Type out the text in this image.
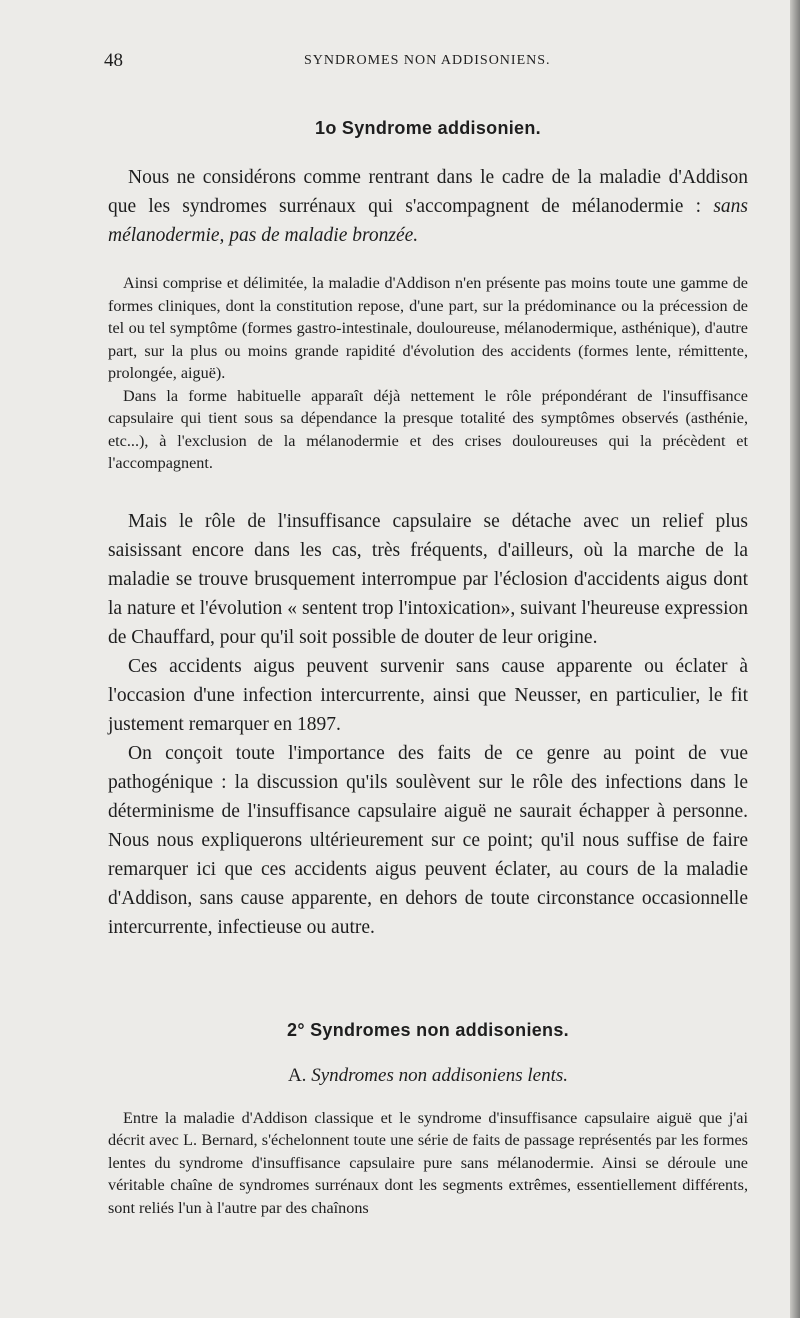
48	SYNDROMES NON ADDISONIENS.
1o Syndrome addisonien.

Nous ne considérons comme rentrant dans le cadre de la maladie d'Addison que les syndromes surrénaux qui s'accompagnent de mélanodermie : sans mélanodermie, pas de maladie bronzée.

Ainsi comprise et délimitée, la maladie d'Addison n'en présente pas moins toute une gamme de formes cliniques, dont la constitution repose, d'une part, sur la prédominance ou la précession de tel ou tel symptôme (formes gastro-intestinale, douloureuse, mélanodermique, asthénique), d'autre part, sur la plus ou moins grande rapidité d'évolution des accidents (formes lente, rémittente, prolongée, aiguë).

Dans la forme habituelle apparaît déjà nettement le rôle prépondérant de l'insuffisance capsulaire qui tient sous sa dépendance la presque totalité des symptômes observés (asthénie, etc...), à l'exclusion de la mélanodermie et des crises douloureuses qui la précèdent et l'accompagnent.

Mais le rôle de l'insuffisance capsulaire se détache avec un relief plus saisissant encore dans les cas, très fréquents, d'ailleurs, où la marche de la maladie se trouve brusquement interrompue par l'éclosion d'accidents aigus dont la nature et l'évolution « sentent trop l'intoxication», suivant l'heureuse expression de Chauffard, pour qu'il soit possible de douter de leur origine.

Ces accidents aigus peuvent survenir sans cause apparente ou éclater à l'occasion d'une infection intercurrente, ainsi que Neusser, en particulier, le fit justement remarquer en 1897.

On conçoit toute l'importance des faits de ce genre au point de vue pathogénique : la discussion qu'ils soulèvent sur le rôle des infections dans le déterminisme de l'insuffisance capsulaire aiguë ne saurait échapper à personne. Nous nous expliquerons ultérieurement sur ce point; qu'il nous suffise de faire remarquer ici que ces accidents aigus peuvent éclater, au cours de la maladie d'Addison, sans cause apparente, en dehors de toute circonstance occasionnelle intercurrente, infectieuse ou autre.

2° Syndromes non addisoniens.
A. Syndromes non addisoniens lents.

Entre la maladie d'Addison classique et le syndrome d'insuffisance capsulaire aiguë que j'ai décrit avec L. Bernard, s'échelonnent toute une série de faits de passage représentés par les formes lentes du syndrome d'insuffisance capsulaire pure sans mélanodermie. Ainsi se déroule une véritable chaîne de syndromes surrénaux dont les segments extrêmes, essentiellement différents, sont reliés l'un à l'autre par des chaînons
